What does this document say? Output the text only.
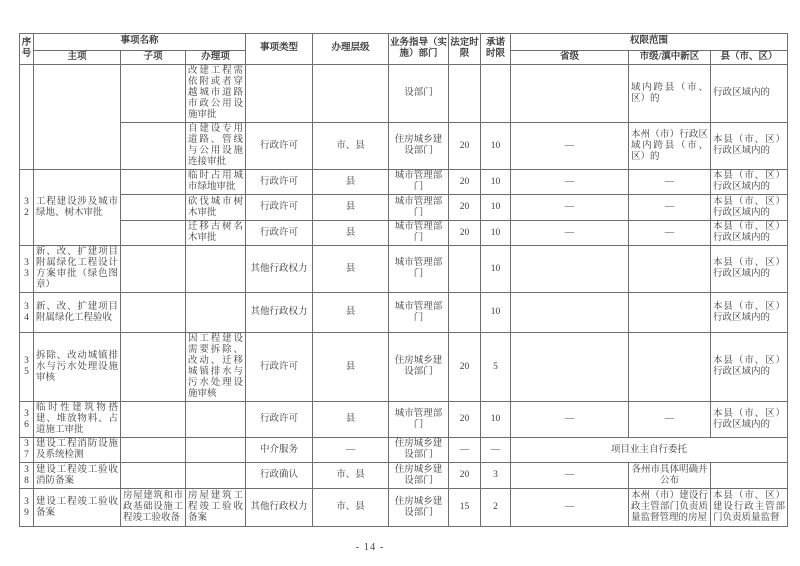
序号	事项名称			事项类型	办理层级	业务指导（实施）部门	法定时限	承诺时限	权限范围		
	主项	子项	办理项						省级	市级/滇中新区	县（市、区）
			改建工程需依附或者穿越城市道路市政公用设施审批			设部门				域内跨县（市、区）的	行政区域内的
			自建设专用道路、管线与公用设施连接审批	行政许可	市、县	住房城乡建设部门	20	10	—	本州（市）行政区域内跨县（市、区）的	本县（市、区）行政区域内的
32	工程建设涉及城市绿地、树木审批		临时占用城市绿地审批	行政许可	县	城市管理部门	20	10	—	—	本县（市、区）行政区域内的
			砍伐城市树木审批	行政许可	县	城市管理部门	20	10	—	—	本县（市、区）行政区域内的
			迁移古树名木审批	行政许可	县	城市管理部门	20	10	—	—	本县（市、区）行政区域内的
33	新、改、扩建项目附属绿化工程设计方案审批（绿色图章）			其他行政权力	县	城市管理部门		10			本县（市、区）行政区域内的
34	新、改、扩建项目附属绿化工程验收			其他行政权力	县	城市管理部门		10			本县（市、区）行政区域内的
35	拆除、改动城镇排水与污水处理设施审核		因工程建设需要拆除、改动、迁移城镇排水与污水处理设施审核	行政许可	县	住房城乡建设部门	20	5			本县（市、区）行政区域内的
36	临时性建筑物搭建、堆放物料、占道施工审批			行政许可	县	城市管理部门	20	10	—	—	本县（市、区）行政区域内的
37	建设工程消防设施及系统检测			中介服务	—	住房城乡建设部门	—	—	项目业主自行委托		
38	建设工程竣工验收消防备案			行政确认	市、县	住房城乡建设部门	20	3	—	各州市具体明确并公布	
39	建设工程竣工验收备案	房屋建筑和市政基础设施工程竣工验收备	房屋建筑工程竣工验收备案	其他行政权力	市、县	住房城乡建设部门	15	2	—	本州（市）建设行政主管部门负责质量监督管理的房屋	本县（市、区）建设行政主管部门负责质量监督
- 14 -
